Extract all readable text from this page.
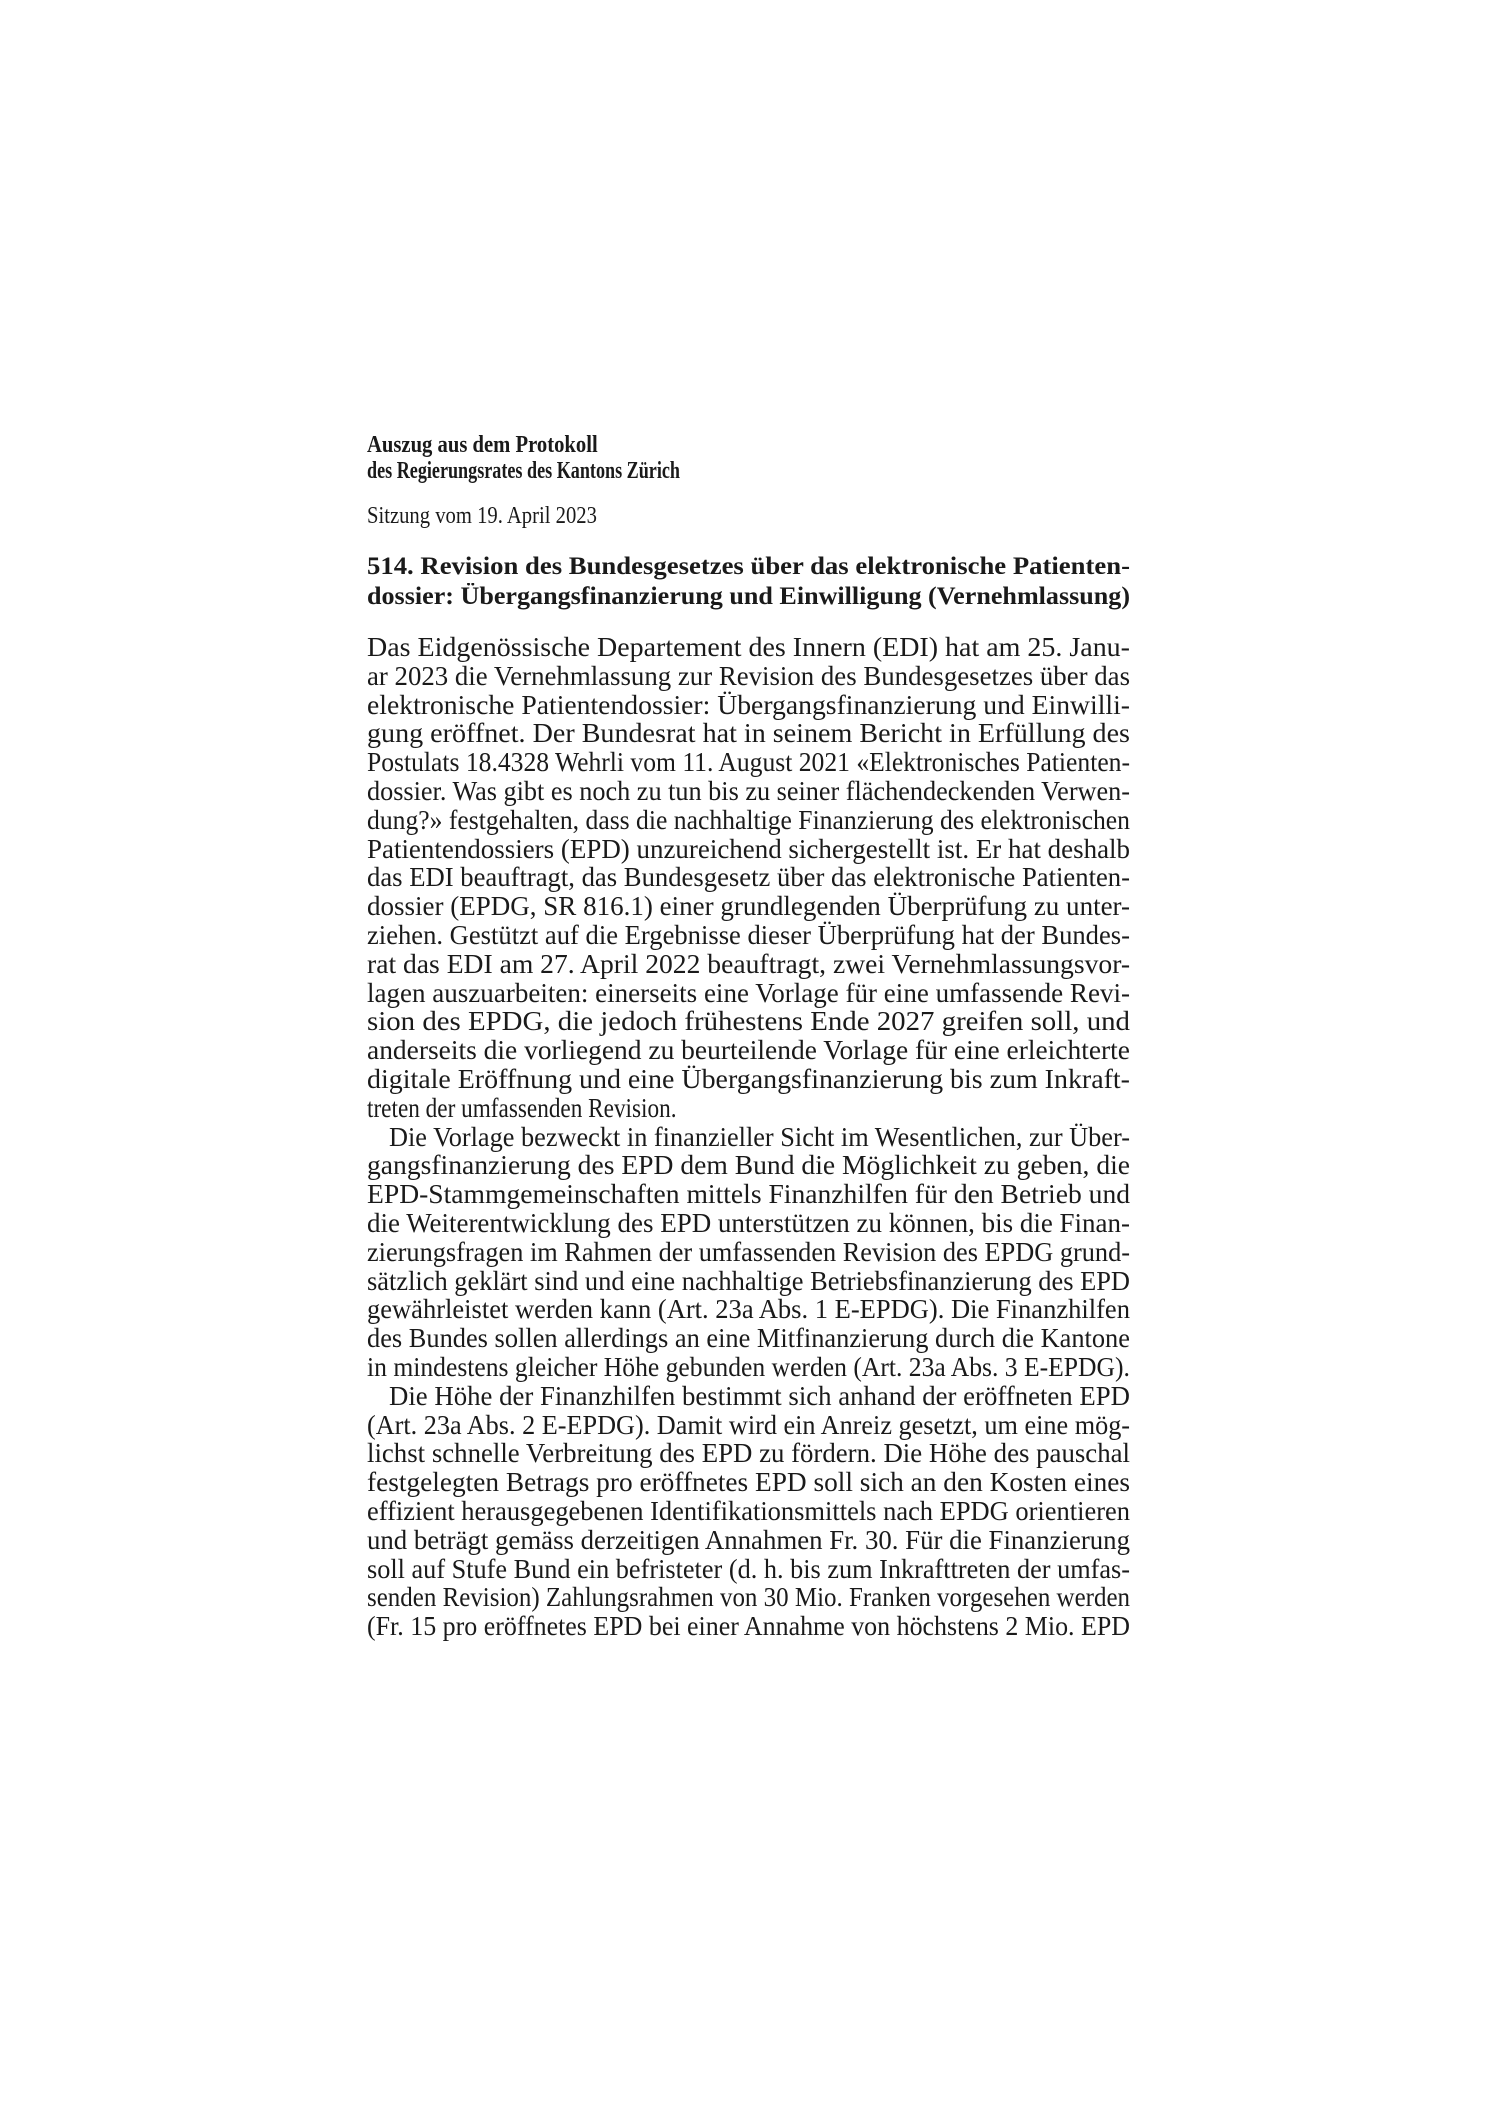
Auszug aus dem Protokoll
des Regierungsrates des Kantons Zürich
Sitzung vom 19. April 2023
514. Revision des Bundesgesetzes über das elektronische Patienten-
dossier: Übergangsfinanzierung und Einwilligung (Vernehmlassung)
Das Eidgenössische Departement des Innern (EDI) hat am 25. Janu-
ar 2023 die Vernehmlassung zur Revision des Bundesgesetzes über das
elektronische Patientendossier: Übergangsfinanzierung und Einwilli-
gung eröffnet. Der Bundesrat hat in seinem Bericht in Erfüllung des
Postulats 18.4328 Wehrli vom 11. August 2021 «Elektronisches Patienten-
dossier. Was gibt es noch zu tun bis zu seiner flächendeckenden Verwen-
dung?» festgehalten, dass die nachhaltige Finanzierung des elektronischen
Patientendossiers (EPD) unzureichend sichergestellt ist. Er hat deshalb
das EDI beauftragt, das Bundesgesetz über das elektronische Patienten-
dossier (EPDG, SR 816.1) einer grundlegenden Überprüfung zu unter-
ziehen. Gestützt auf die Ergebnisse dieser Überprüfung hat der Bundes-
rat das EDI am 27. April 2022 beauftragt, zwei Vernehmlassungsvor-
lagen auszuarbeiten: einerseits eine Vorlage für eine umfassende Revi-
sion des EPDG, die jedoch frühestens Ende 2027 greifen soll, und
anderseits die vorliegend zu beurteilende Vorlage für eine erleichterte
digitale Eröffnung und eine Übergangsfinanzierung bis zum Inkraft-
treten der umfassenden Revision.
Die Vorlage bezweckt in finanzieller Sicht im Wesentlichen, zur Über-
gangsfinanzierung des EPD dem Bund die Möglichkeit zu geben, die
EPD-Stammgemeinschaften mittels Finanzhilfen für den Betrieb und
die Weiterentwicklung des EPD unterstützen zu können, bis die Finan-
zierungsfragen im Rahmen der umfassenden Revision des EPDG grund-
sätzlich geklärt sind und eine nachhaltige Betriebsfinanzierung des EPD
gewährleistet werden kann (Art. 23a Abs. 1 E-EPDG). Die Finanzhilfen
des Bundes sollen allerdings an eine Mitfinanzierung durch die Kantone
in mindestens gleicher Höhe gebunden werden (Art. 23a Abs. 3 E-EPDG).
Die Höhe der Finanzhilfen bestimmt sich anhand der eröffneten EPD
(Art. 23a Abs. 2 E-EPDG). Damit wird ein Anreiz gesetzt, um eine mög-
lichst schnelle Verbreitung des EPD zu fördern. Die Höhe des pauschal
festgelegten Betrags pro eröffnetes EPD soll sich an den Kosten eines
effizient herausgegebenen Identifikationsmittels nach EPDG orientieren
und beträgt gemäss derzeitigen Annahmen Fr. 30. Für die Finanzierung
soll auf Stufe Bund ein befristeter (d. h. bis zum Inkrafttreten der umfas-
senden Revision) Zahlungsrahmen von 30 Mio. Franken vorgesehen werden
(Fr. 15 pro eröffnetes EPD bei einer Annahme von höchstens 2 Mio. EPD
